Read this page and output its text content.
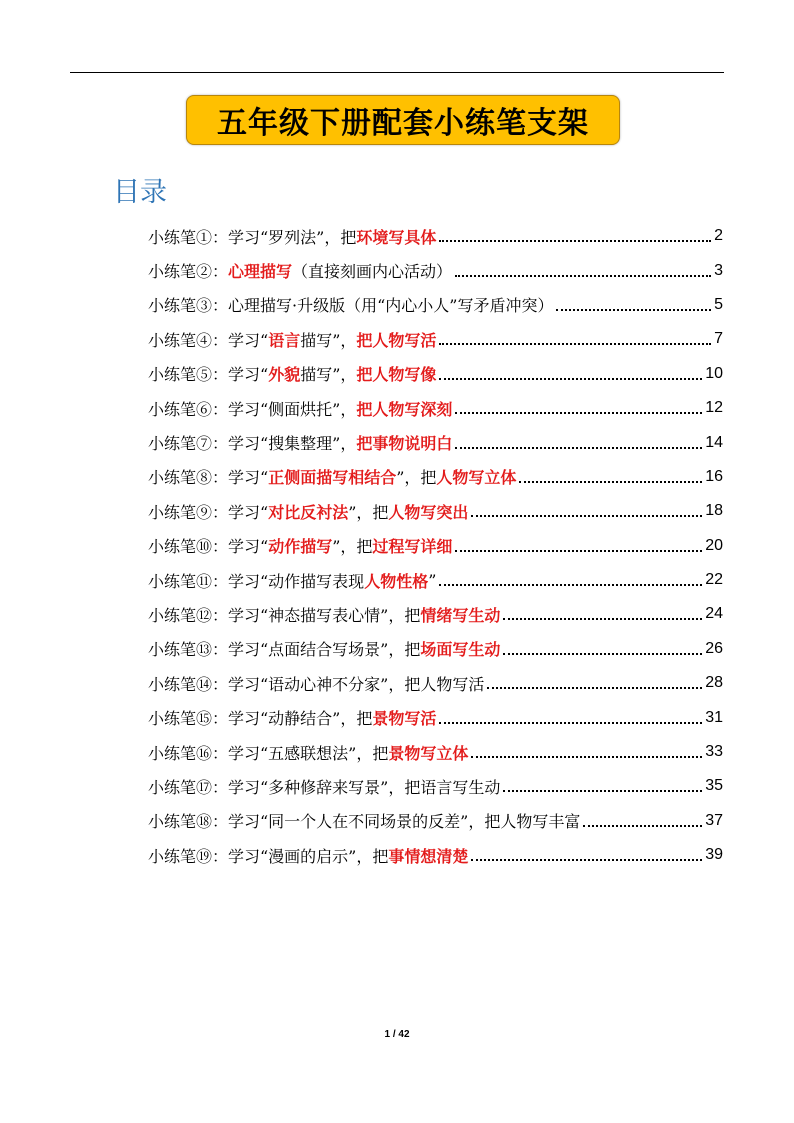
五年级下册配套小练笔支架
目录
小练笔①：学习“罗列法”，把 环境写具体	2
小练笔②： 心理描写 （直接刻画内心活动）	3
小练笔③：心理描写·升级版（用“内心小人”写矛盾冲突）	5
小练笔④：学习“ 语言 描写”， 把人物写活	7
小练笔⑤：学习“ 外貌 描写”， 把人物写像	10
小练笔⑥：学习“侧面烘托”， 把人物写深刻	12
小练笔⑦：学习“搜集整理”， 把事物说明白	14
小练笔⑧：学习“ 正侧面描写相结合 ”，把 人物写立体	16
小练笔⑨：学习“ 对比反衬法 ”，把 人物写突出	18
小练笔⑩：学习“ 动作描写 ”，把 过程写详细	20
小练笔⑪：学习“动作描写表现 人物性格 ”	22
小练笔⑫：学习“神态描写表心情”，把 情绪写生动	24
小练笔⑬：学习“点面结合写场景”，把 场面写生动	26
小练笔⑭：学习“语动心神不分家”，把人物写活	28
小练笔⑮：学习“动静结合”，把 景物写活	31
小练笔⑯：学习“五感联想法”，把 景物写立体	33
小练笔⑰：学习“多种修辞来写景”，把语言写生动	35
小练笔⑱：学习“同一个人在不同场景的反差”，把人物写丰富	37
小练笔⑲：学习“漫画的启示”，把 事情想清楚	39
1 / 42
